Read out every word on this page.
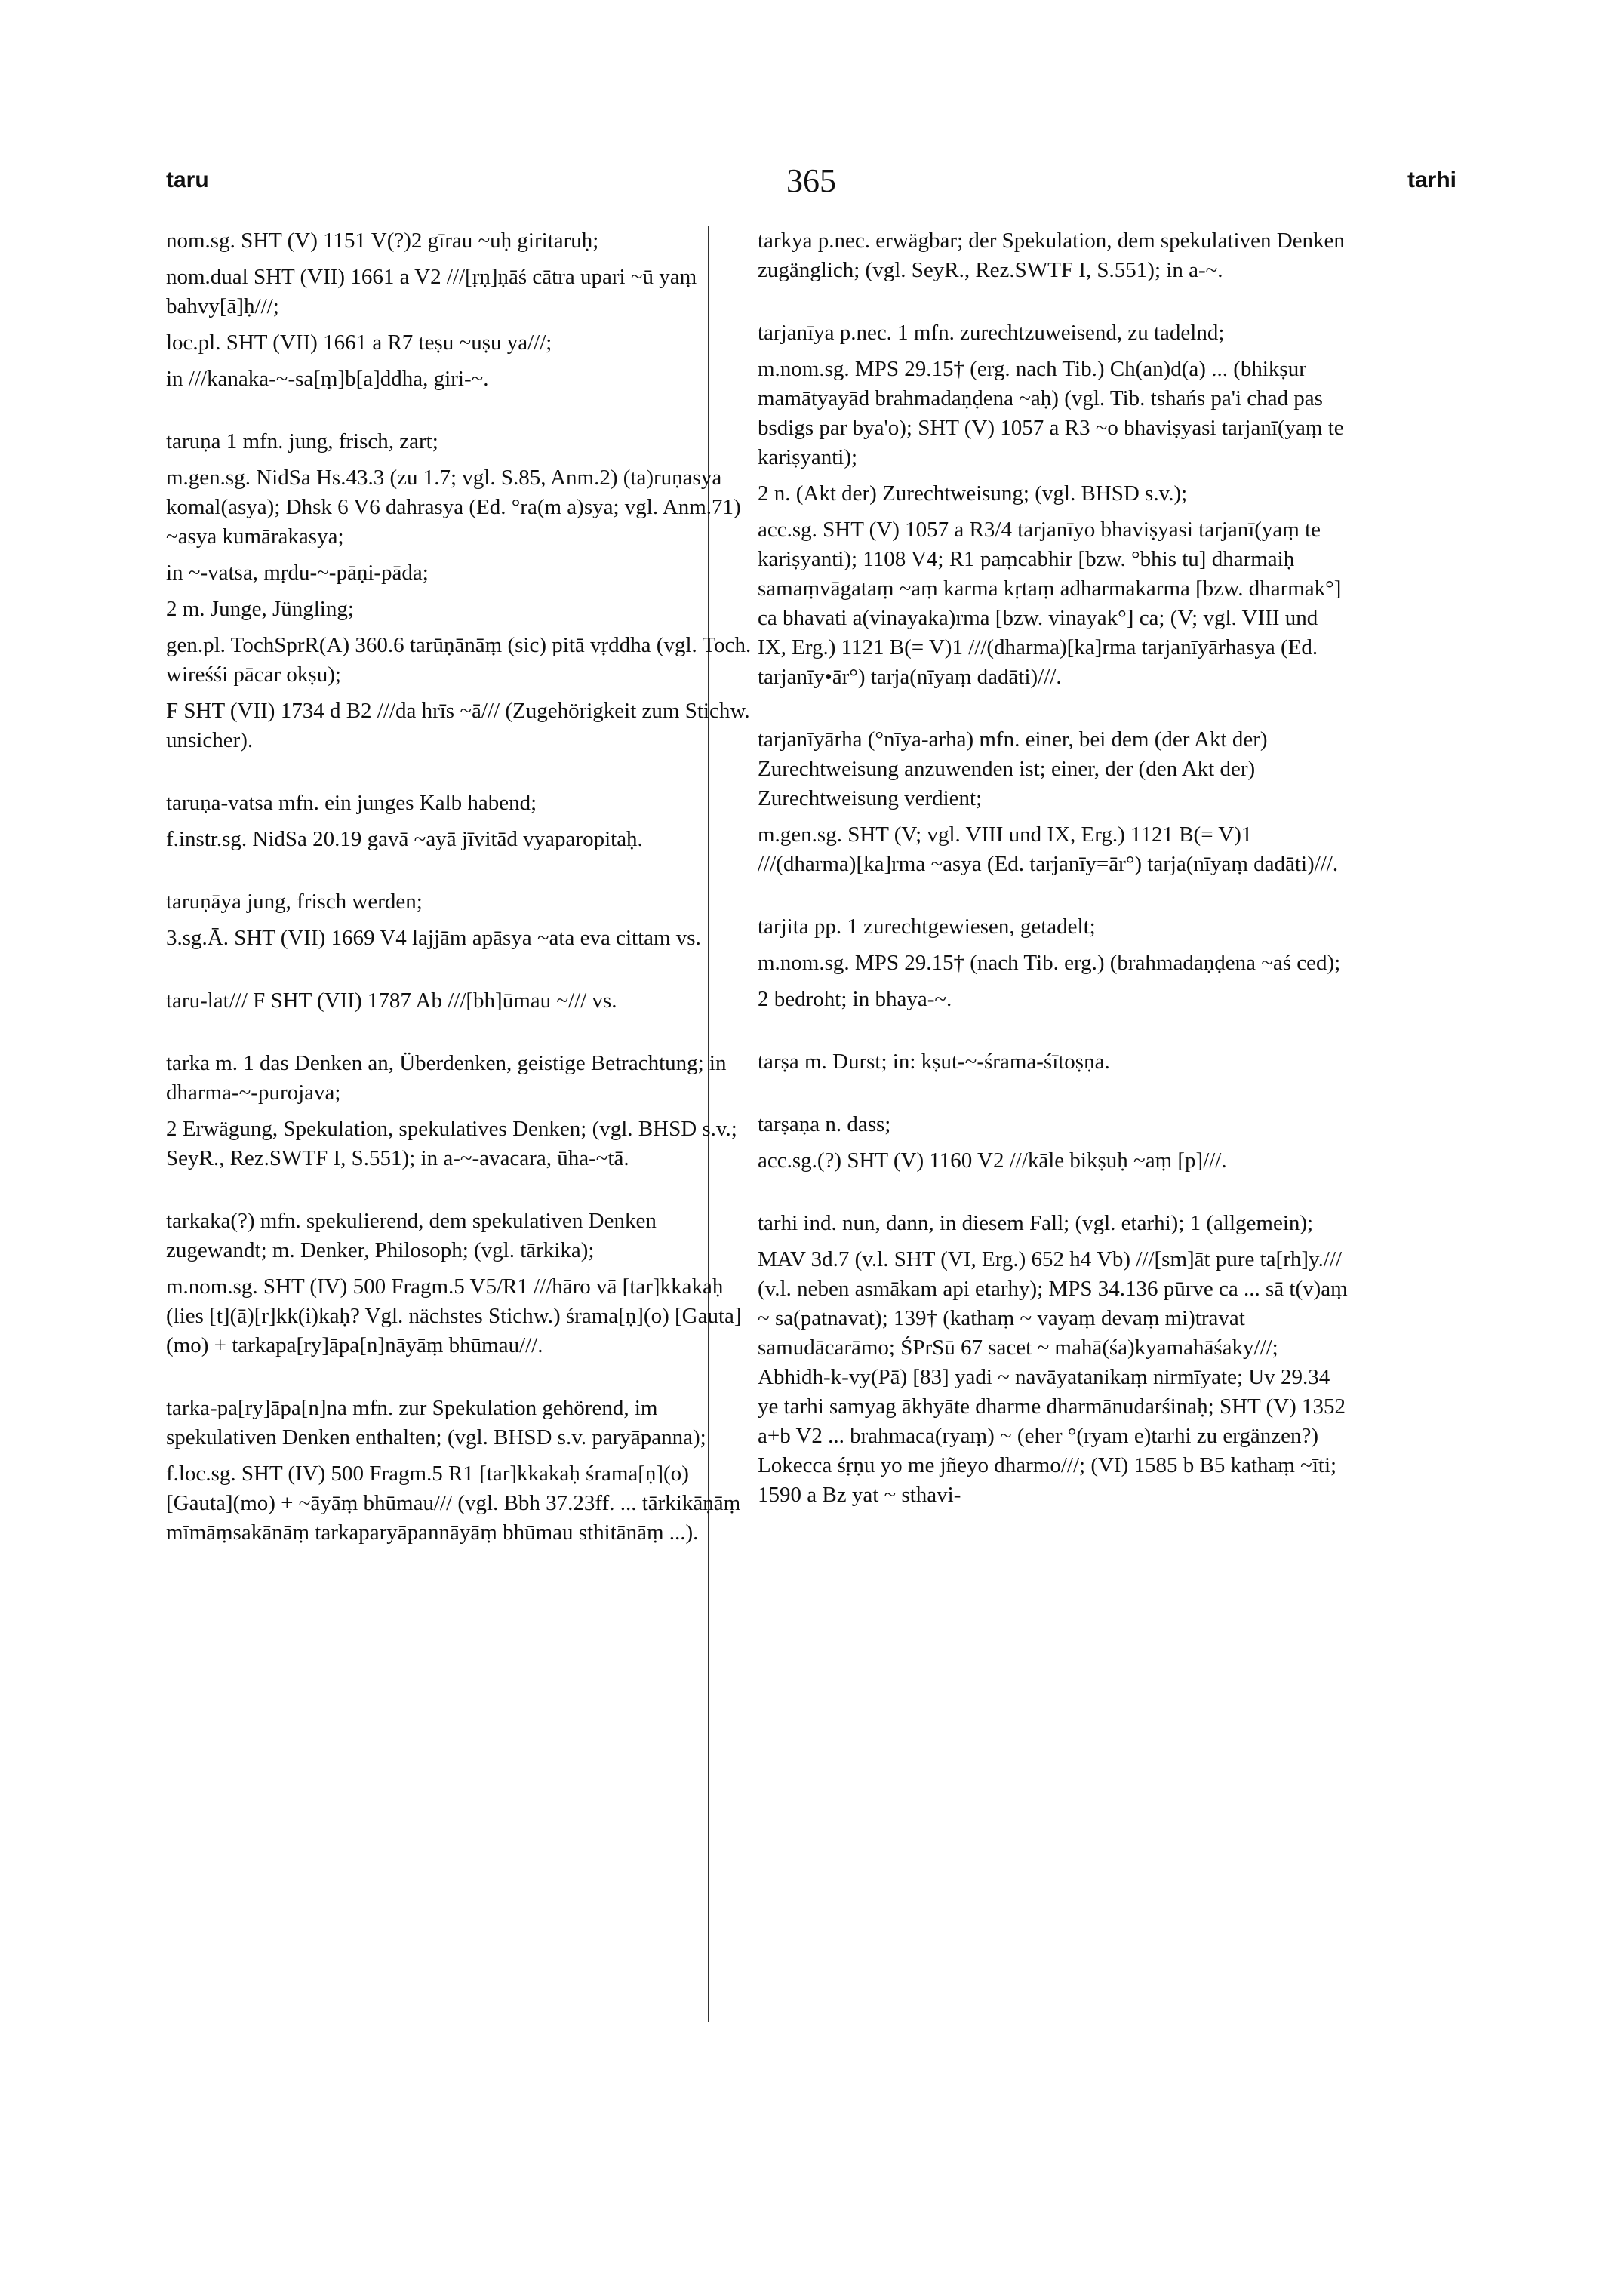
taru	365	tarhi

nom.sg. SHT (V) 1151 V(?)2 gīrau ~uḥ giritaruḥ;

nom.dual SHT (VII) 1661 a V2 ///[ṛṇ]ṇāś cātra upari ~ū yaṃ bahvy[ā]ḥ///;

loc.pl. SHT (VII) 1661 a R7 teṣu ~uṣu ya///;

in ///kanaka-~-sa[ṃ]b[a]ddha, giri-~.

taruṇa 1 mfn. jung, frisch, zart;

m.gen.sg. NidSa Hs.43.3 (zu 1.7; vgl. S.85, Anm.2) (ta)ruṇasya komal(asya); Dhsk 6 V6 dahrasya (Ed. °ra(m a)sya; vgl. Anm.71) ~asya kumārakasya;

in ~-vatsa, mṛdu-~-pāṇi-pāda;

2 m. Junge, Jüngling;

gen.pl. TochSprR(A) 360.6 tarūṇānāṃ (sic) pitā vṛddha (vgl. Toch. wireśśi pācar okṣu);

F SHT (VII) 1734 d B2 ///da hrīs ~ā/// (Zugehörigkeit zum Stichw. unsicher).

taruṇa-vatsa mfn. ein junges Kalb habend;

f.instr.sg. NidSa 20.19 gavā ~ayā jīvitād vyaparopitaḥ.

taruṇāya jung, frisch werden;

3.sg.Ā. SHT (VII) 1669 V4 lajjām apāsya ~ata eva cittam vs.

taru-lat/// F SHT (VII) 1787 Ab ///[bh]ūmau ~/// vs.

tarka m. 1 das Denken an, Überdenken, geistige Betrachtung; in dharma-~-purojava;

2 Erwägung, Spekulation, spekulatives Denken; (vgl. BHSD s.v.; SeyR., Rez.SWTF I, S.551); in a-~-avacara, ūha-~tā.

tarkaka(?) mfn. spekulierend, dem spekulativen Denken zugewandt; m. Denker, Philosoph; (vgl. tārkika);

m.nom.sg. SHT (IV) 500 Fragm.5 V5/R1 ///hāro vā [tar]kkakaḥ (lies [t](ā)[r]kk(i)kaḥ? Vgl. nächstes Stichw.) śrama[ṇ](o) [Gauta](mo) + tarkapa[ry]āpa[n]nāyāṃ bhūmau///.

tarka-pa[ry]āpa[n]na mfn. zur Spekulation gehörend, im spekulativen Denken enthalten; (vgl. BHSD s.v. paryāpanna);

f.loc.sg. SHT (IV) 500 Fragm.5 R1 [tar]kkakaḥ śrama[ṇ](o) [Gauta](mo) + ~āyāṃ bhūmau/// (vgl. Bbh 37.23ff. ... tārkikāṇāṃ mīmāṃsakānāṃ tarkaparyāpannāyāṃ bhūmau sthitānāṃ ...).

tarkya p.nec. erwägbar; der Spekulation, dem spekulativen Denken zugänglich; (vgl. SeyR., Rez.SWTF I, S.551); in a-~.

tarjanīya p.nec. 1 mfn. zurechtzuweisend, zu tadelnd;

m.nom.sg. MPS 29.15† (erg. nach Tib.) Ch(an)d(a) ... (bhikṣur mamātyayād brahmadaṇḍena ~aḥ) (vgl. Tib. tshańs pa'i chad pas bsdigs par bya'o); SHT (V) 1057 a R3 ~o bhaviṣyasi tarjanī(yaṃ te kariṣyanti);

2 n. (Akt der) Zurechtweisung; (vgl. BHSD s.v.);

acc.sg. SHT (V) 1057 a R3/4 tarjanīyo bhaviṣyasi tarjanī(yaṃ te kariṣyanti); 1108 V4; R1 paṃcabhir [bzw. °bhis tu] dharmaiḥ samaṃvāgataṃ ~aṃ karma kṛtaṃ adharmakarma [bzw. dharmak°] ca bhavati a(vinayaka)rma [bzw. vinayak°] ca; (V; vgl. VIII und IX, Erg.) 1121 B(= V)1 ///(dharma)[ka]rma tarjanīyārhasya (Ed. tarjanīy•ār°) tarja(nīyaṃ dadāti)///.

tarjanīyārha (°nīya-arha) mfn. einer, bei dem (der Akt der) Zurechtweisung anzuwenden ist; einer, der (den Akt der) Zurechtweisung verdient;

m.gen.sg. SHT (V; vgl. VIII und IX, Erg.) 1121 B(= V)1 ///(dharma)[ka]rma ~asya (Ed. tarjanīy=ār°) tarja(nīyaṃ dadāti)///.

tarjita pp. 1 zurechtgewiesen, getadelt;

m.nom.sg. MPS 29.15† (nach Tib. erg.) (brahmadaṇḍena ~aś ced);

2 bedroht; in bhaya-~.

tarṣa m. Durst; in: kṣut-~-śrama-śītoṣṇa.

tarṣaṇa n. dass;

acc.sg.(?) SHT (V) 1160 V2 ///kāle bikṣuḥ ~aṃ [p]///.

tarhi ind. nun, dann, in diesem Fall; (vgl. etarhi); 1 (allgemein);

MAV 3d.7 (v.l. SHT (VI, Erg.) 652 h4 Vb) ///[sm]āt pure ta[rh]y./// (v.l. neben asmākam api etarhy); MPS 34.136 pūrve ca ... sā t(v)aṃ ~ sa(patnavat); 139† (kathaṃ ~ vayaṃ devaṃ mi)travat samudācarāmo; ŚPrSū 67 sacet ~ mahā(śa)kyamahāśaky///; Abhidh-k-vy(Pā) [83] yadi ~ navāyatanikaṃ nirmīyate; Uv 29.34 ye tarhi samyag ākhyāte dharme dharmānudarśinaḥ; SHT (V) 1352 a+b V2 ... brahmaca(ryaṃ) ~ (eher °(ryam e)tarhi zu ergänzen?) Lokecca śṛṇu yo me jñeyo dharmo///; (VI) 1585 b B5 kathaṃ ~īti; 1590 a Bz yat ~ sthavi-
